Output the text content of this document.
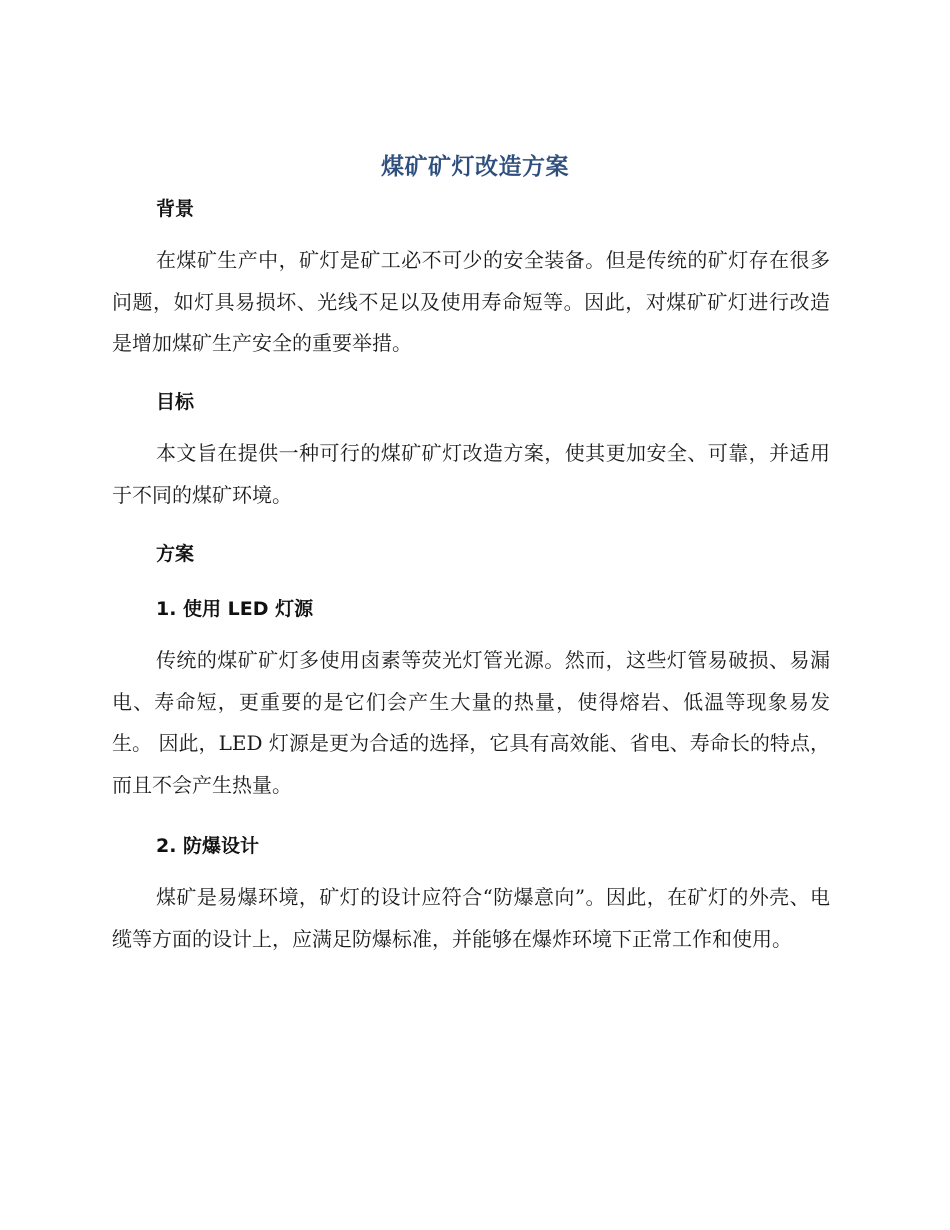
煤矿矿灯改造方案
背景
在煤矿生产中，矿灯是矿工必不可少的安全装备。但是传统的矿灯存在很多问题，如灯具易损坏、光线不足以及使用寿命短等。因此，对煤矿矿灯进行改造是增加煤矿生产安全的重要举措。
目标
本文旨在提供一种可行的煤矿矿灯改造方案，使其更加安全、可靠，并适用于不同的煤矿环境。
方案
1. 使用 LED 灯源
传统的煤矿矿灯多使用卤素等荧光灯管光源。然而，这些灯管易破损、易漏电、寿命短，更重要的是它们会产生大量的热量，使得熔岩、低温等现象易发生。 因此，LED 灯源是更为合适的选择，它具有高效能、省电、寿命长的特点，而且不会产生热量。
2. 防爆设计
煤矿是易爆环境，矿灯的设计应符合“防爆意向”。因此，在矿灯的外壳、电缆等方面的设计上，应满足防爆标准，并能够在爆炸环境下正常工作和使用。
